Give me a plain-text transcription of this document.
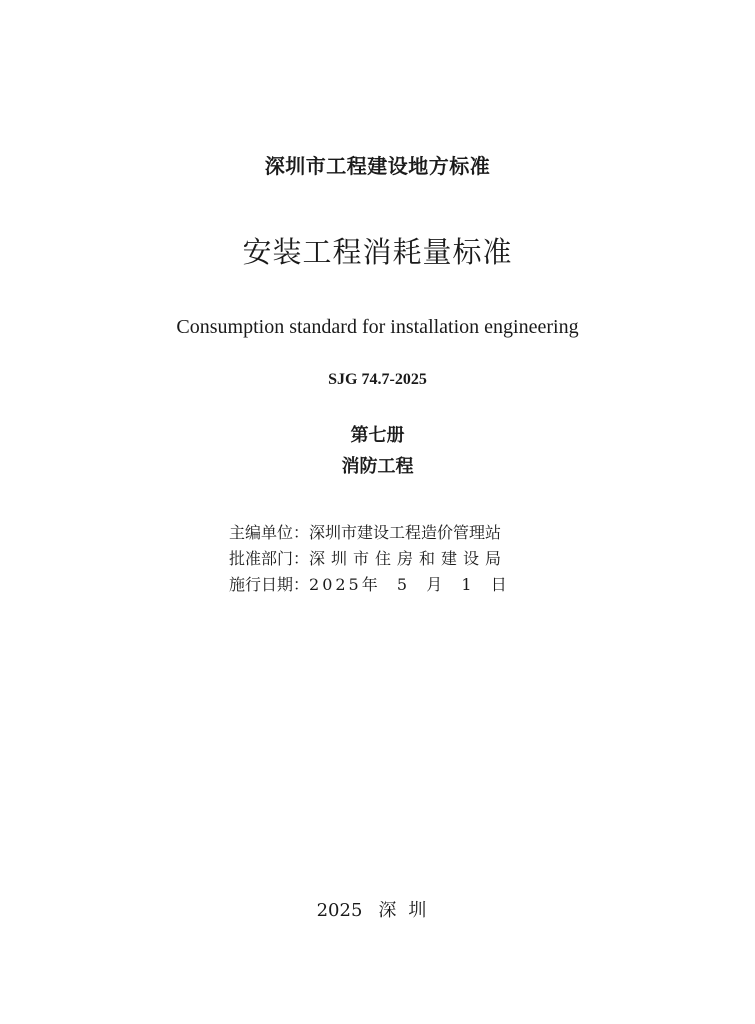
深圳市工程建设地方标准
安装工程消耗量标准
Consumption standard for installation engineering
SJG 74.7-2025
第七册
消防工程
主编单位：深圳市建设工程造价管理站
批准部门：深圳市住房和建设局
施行日期：2025年  5  月  1  日
2025 深圳
